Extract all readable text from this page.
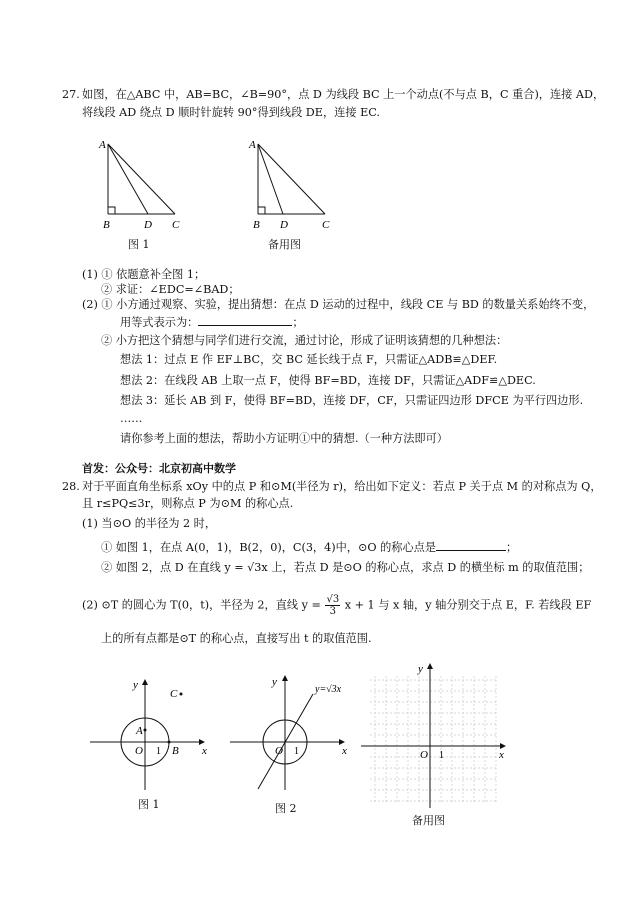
27. 如图，在△ABC 中，AB=BC，∠B=90°，点 D 为线段 BC 上一个动点(不与点 B，C 重合)，连接 AD，
将线段 AD 绕点 D 顺时针旋转 90°得到线段 DE，连接 EC.
A
B	D C
图 1
A
B D	C
备用图
(1) ① 依题意补全图 1；
② 求证：∠EDC=∠BAD；
(2) ① 小方通过观察、实验，提出猜想：在点 D 运动的过程中，线段 CE 与 BD 的数量关系始终不变，
用等式表示为：	；
② 小方把这个猜想与同学们进行交流，通过讨论，形成了证明该猜想的几种想法：
想法 1：过点 E 作 EF⊥BC，交 BC 延长线于点 F，只需证△ADB≌△DEF.
想法 2：在线段 AB 上取一点 F，使得 BF=BD，连接 DF，只需证△ADF≌△DEC.
想法 3：延长 AB 到 F，使得 BF=BD，连接 DF，CF，只需证四边形 DFCE 为平行四边形.
……
请你参考上面的想法，帮助小方证明①中的猜想.（一种方法即可）
首发：公众号：北京初高中数学
28. 对于平面直角坐标系 xOy 中的点 P 和⊙M(半径为 r)，给出如下定义：若点 P 关于点 M 的对称点为 Q，
且 r≤PQ≤3r，则称点 P 为⊙M 的称心点.
(1) 当⊙O 的半径为 2 时，
① 如图 1，在点 A(0，1)，B(2，0)，C(3，4)中，⊙O 的称心点是	；
② 如图 2，点 D 在直线 y = √3x 上，若点 D 是⊙O 的称心点，求点 D 的横坐标 m 的取值范围；
(2) ⊙T 的圆心为 T(0，t)，半径为 2，直线 $y = \frac{√3}{3}$ x + 1 与 x 轴，y 轴分别交于点 E，F. 若线段 EF
上的所有点都是⊙T 的称心点，直接写出 t 的取值范围.
x
y
O 1
A
B
C
图 1
x
y
O 1
y=√3x
图 2
x
y
O 1
备用图
